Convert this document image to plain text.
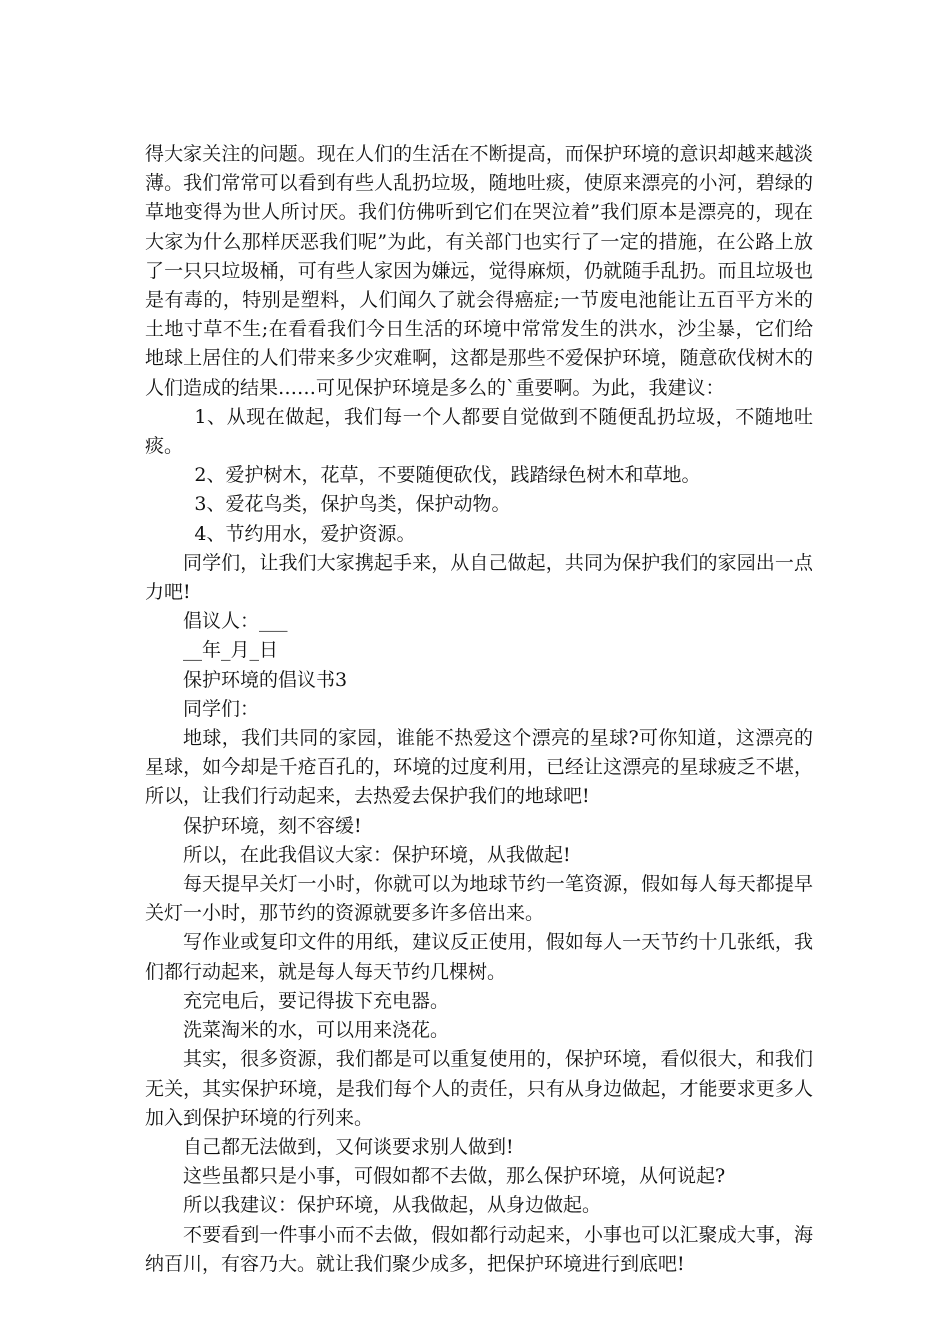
得大家关注的问题。现在人们的生活在不断提高，而保护环境的意识却越来越淡薄。我们常常可以看到有些人乱扔垃圾，随地吐痰，使原来漂亮的小河，碧绿的草地变得为世人所讨厌。我们仿佛听到它们在哭泣着”我们原本是漂亮的，现在大家为什么那样厌恶我们呢”为此，有关部门也实行了一定的措施，在公路上放了一只只垃圾桶，可有些人家因为嫌远，觉得麻烦，仍就随手乱扔。而且垃圾也是有毒的，特别是塑料，人们闻久了就会得癌症;一节废电池能让五百平方米的土地寸草不生;在看看我们今日生活的环境中常常发生的洪水，沙尘暴，它们给地球上居住的人们带来多少灾难啊，这都是那些不爱保护环境，随意砍伐树木的人们造成的结果……可见保护环境是多么的`重要啊。为此，我建议：

1、从现在做起，我们每一个人都要自觉做到不随便乱扔垃圾，不随地吐痰。

2、爱护树木，花草，不要随便砍伐，践踏绿色树木和草地。

3、爱花鸟类，保护鸟类，保护动物。

4、节约用水，爱护资源。

同学们，让我们大家携起手来，从自己做起，共同为保护我们的家园出一点力吧!

倡议人：___

__年_月_日

保护环境的倡议书3

同学们：

地球，我们共同的家园，谁能不热爱这个漂亮的星球?可你知道，这漂亮的星球，如今却是千疮百孔的，环境的过度利用，已经让这漂亮的星球疲乏不堪，所以，让我们行动起来，去热爱去保护我们的地球吧!

保护环境，刻不容缓!

所以，在此我倡议大家：保护环境，从我做起!

每天提早关灯一小时，你就可以为地球节约一笔资源，假如每人每天都提早关灯一小时，那节约的资源就要多许多倍出来。

写作业或复印文件的用纸，建议反正使用，假如每人一天节约十几张纸，我们都行动起来，就是每人每天节约几棵树。

充完电后，要记得拔下充电器。

洗菜淘米的水，可以用来浇花。

其实，很多资源，我们都是可以重复使用的，保护环境，看似很大，和我们无关，其实保护环境，是我们每个人的责任，只有从身边做起，才能要求更多人加入到保护环境的行列来。

自己都无法做到，又何谈要求别人做到!

这些虽都只是小事，可假如都不去做，那么保护环境，从何说起?

所以我建议：保护环境，从我做起，从身边做起。

不要看到一件事小而不去做，假如都行动起来，小事也可以汇聚成大事，海纳百川，有容乃大。就让我们聚少成多，把保护环境进行到底吧!
